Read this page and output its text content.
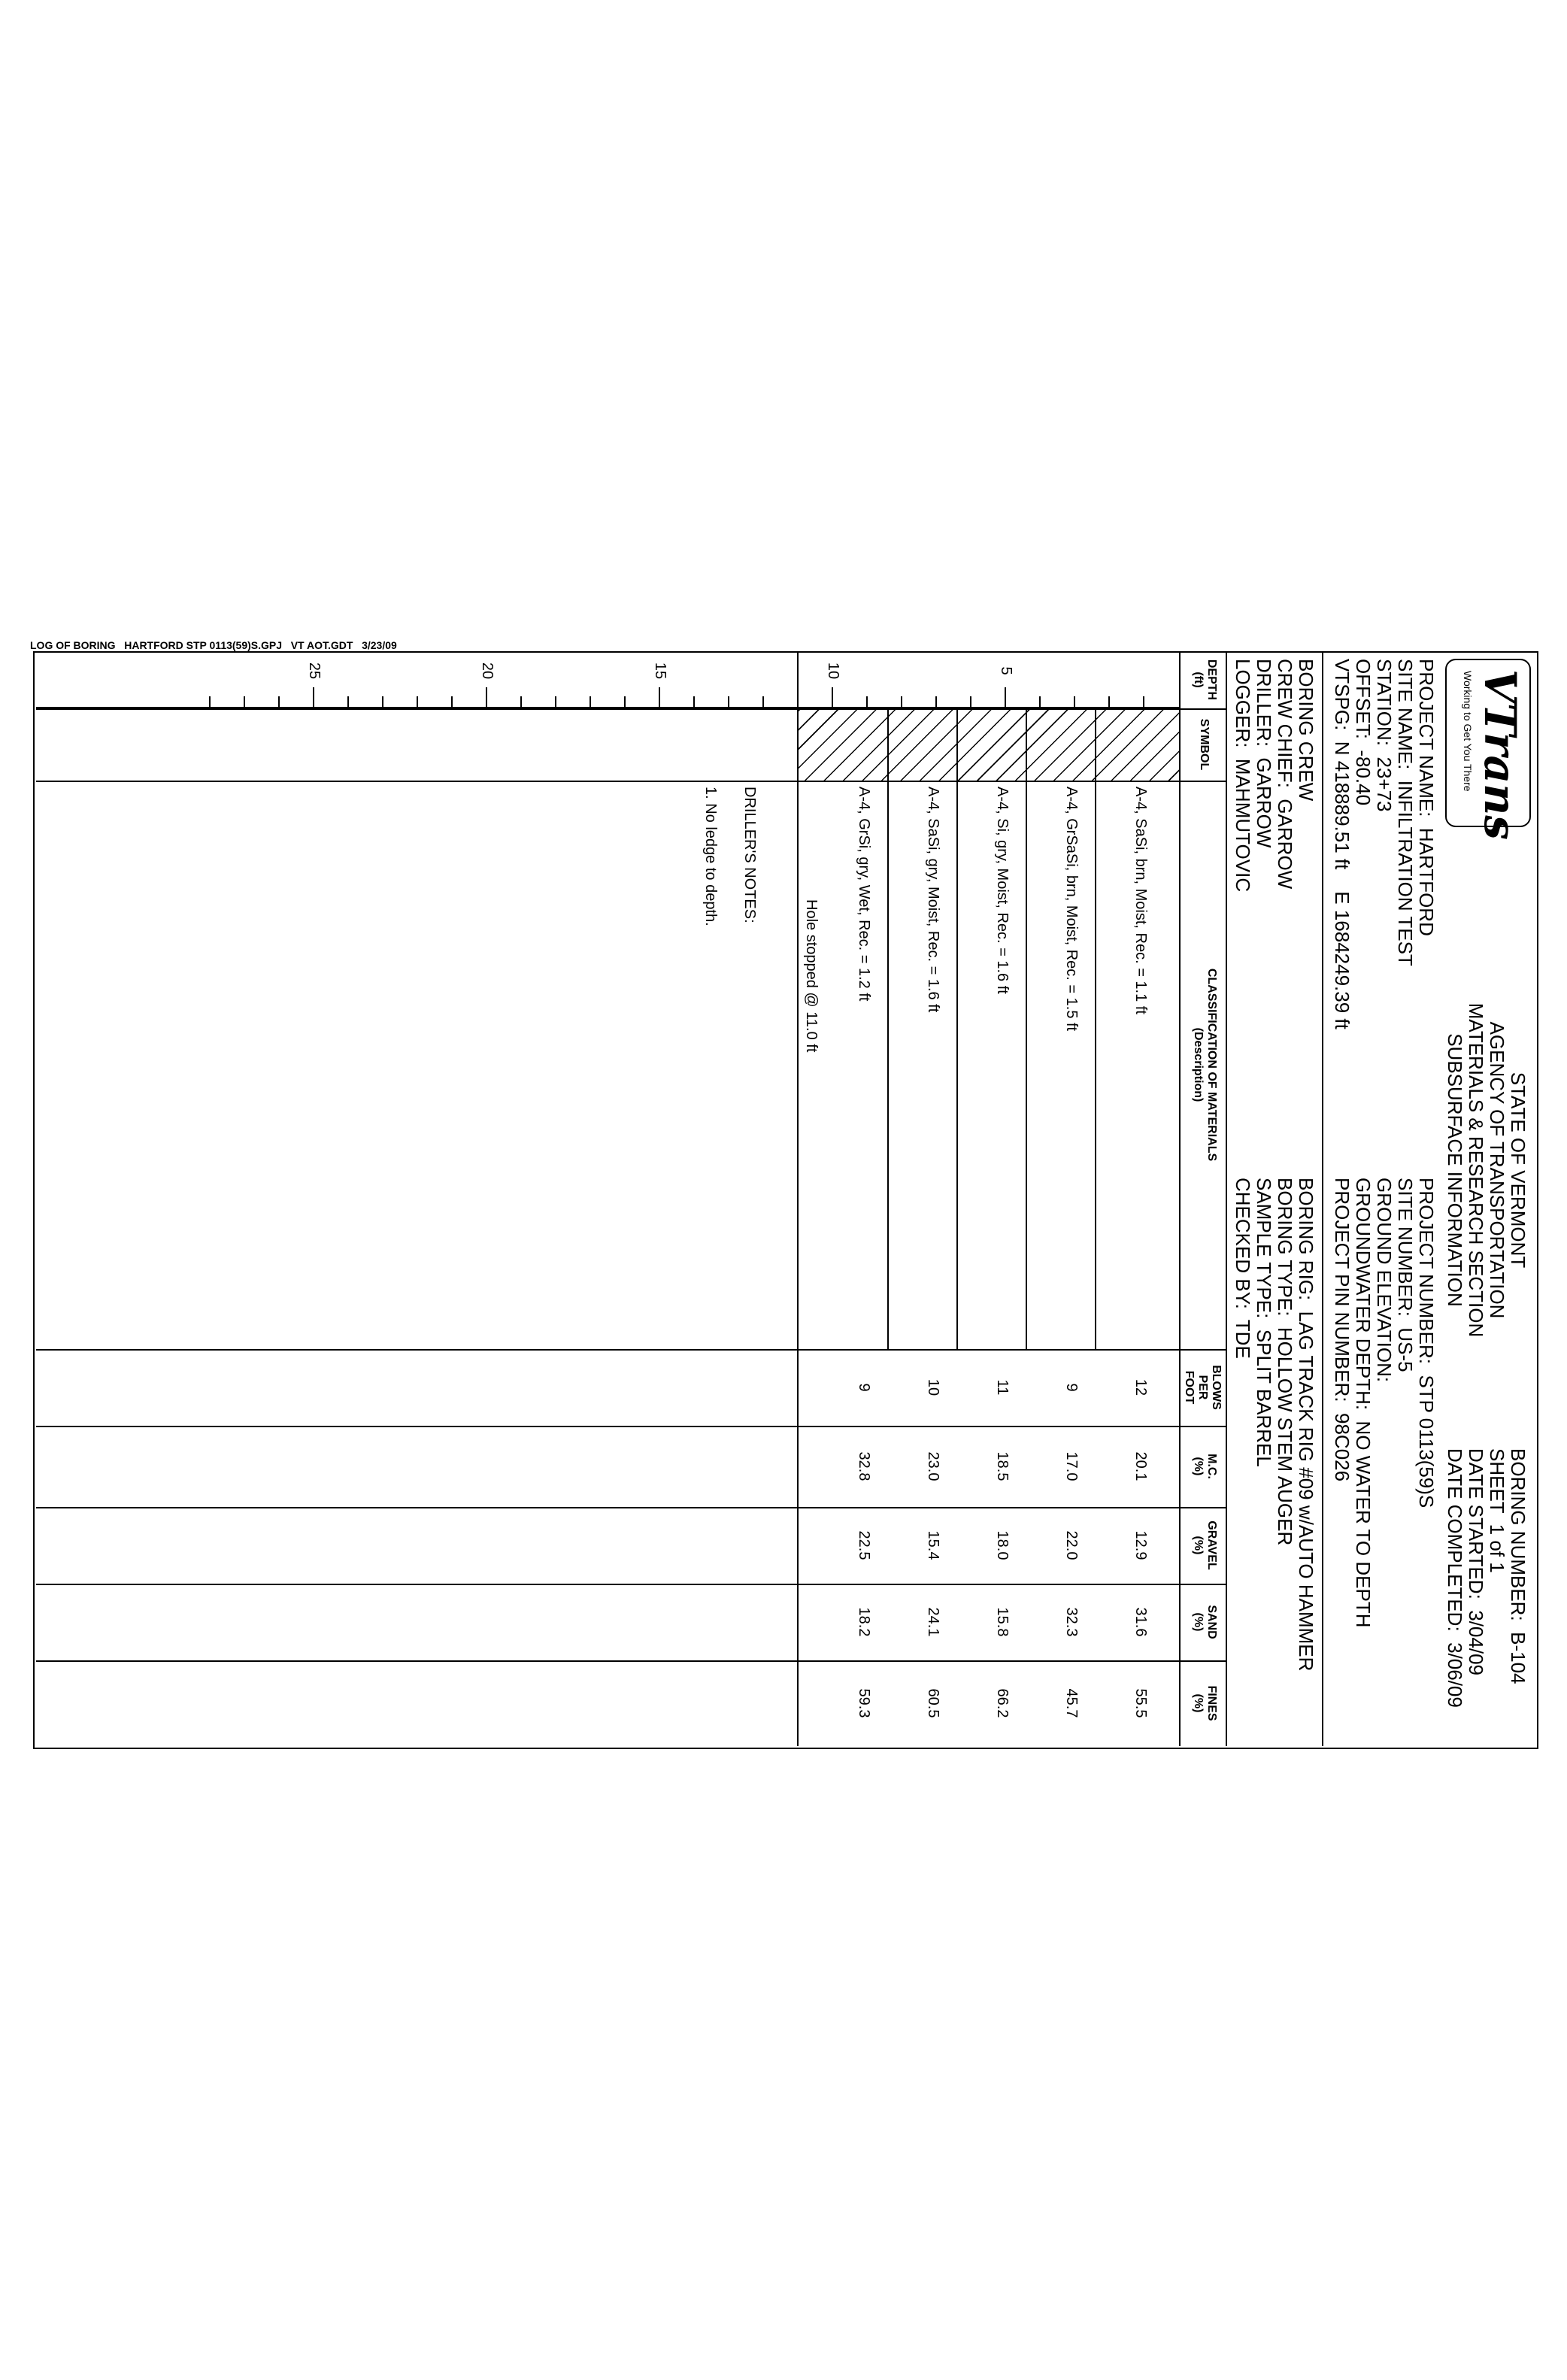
LOG OF BORING   HARTFORD STP 0113(59)S.GPJ   VT AOT.GDT   3/23/09
VTrans
Working to Get You There
STATE OF VERMONT
AGENCY OF TRANSPORTATION
MATERIALS & RESEARCH SECTION
SUBSURFACE INFORMATION
BORING NUMBER:  B-104
SHEET  1 of 1
DATE STARTED:  3/04/09
DATE COMPLETED:  3/06/09
PROJECT NAME:  HARTFORD
SITE NAME:  INFILTRATION TEST
STATION:  23+73
OFFSET:  -80.40
VTSPG:  N 418889.51 ft    E 1684249.39 ft
PROJECT NUMBER:  STP 0113(59)S
SITE NUMBER:  US-5
GROUND ELEVATION:
GROUNDWATER DEPTH:  NO WATER TO DEPTH
PROJECT PIN NUMBER:  98C026
BORING CREW
CREW CHIEF:  GARROW
DRILLER:  GARROW
LOGGER:  MAHMUTOVIC
BORING RIG:  LAG TRACK RIG #09 w/AUTO HAMMER
BORING TYPE:  HOLLOW STEM AUGER
SAMPLE TYPE:  SPLIT BARREL
CHECKED BY:  TDE
DEPTH
(ft)
SYMBOL
CLASSIFICATION OF MATERIALS
(Description)
BLOWS
PER
FOOT
M.C.
(%)
GRAVEL
(%)
SAND
(%)
FINES
(%)
A-4, SaSi, brn, Moist, Rec. = 1.1 ft
12
20.1
12.9
31.6
55.5
A-4, GrSaSi, brn, Moist, Rec. = 1.5 ft
9
17.0
22.0
32.3
45.7
A-4, Si, gry, Moist, Rec. = 1.6 ft
11
18.5
18.0
15.8
66.2
A-4, SaSi, gry, Moist, Rec. = 1.6 ft
10
23.0
15.4
24.1
60.5
A-4, GrSi, gry, Wet, Rec. = 1.2 ft
9
32.8
22.5
18.2
59.3
Hole stopped @ 11.0 ft
DRILLER'S NOTES:
1. No ledge to depth.
5
10
15
20
25
